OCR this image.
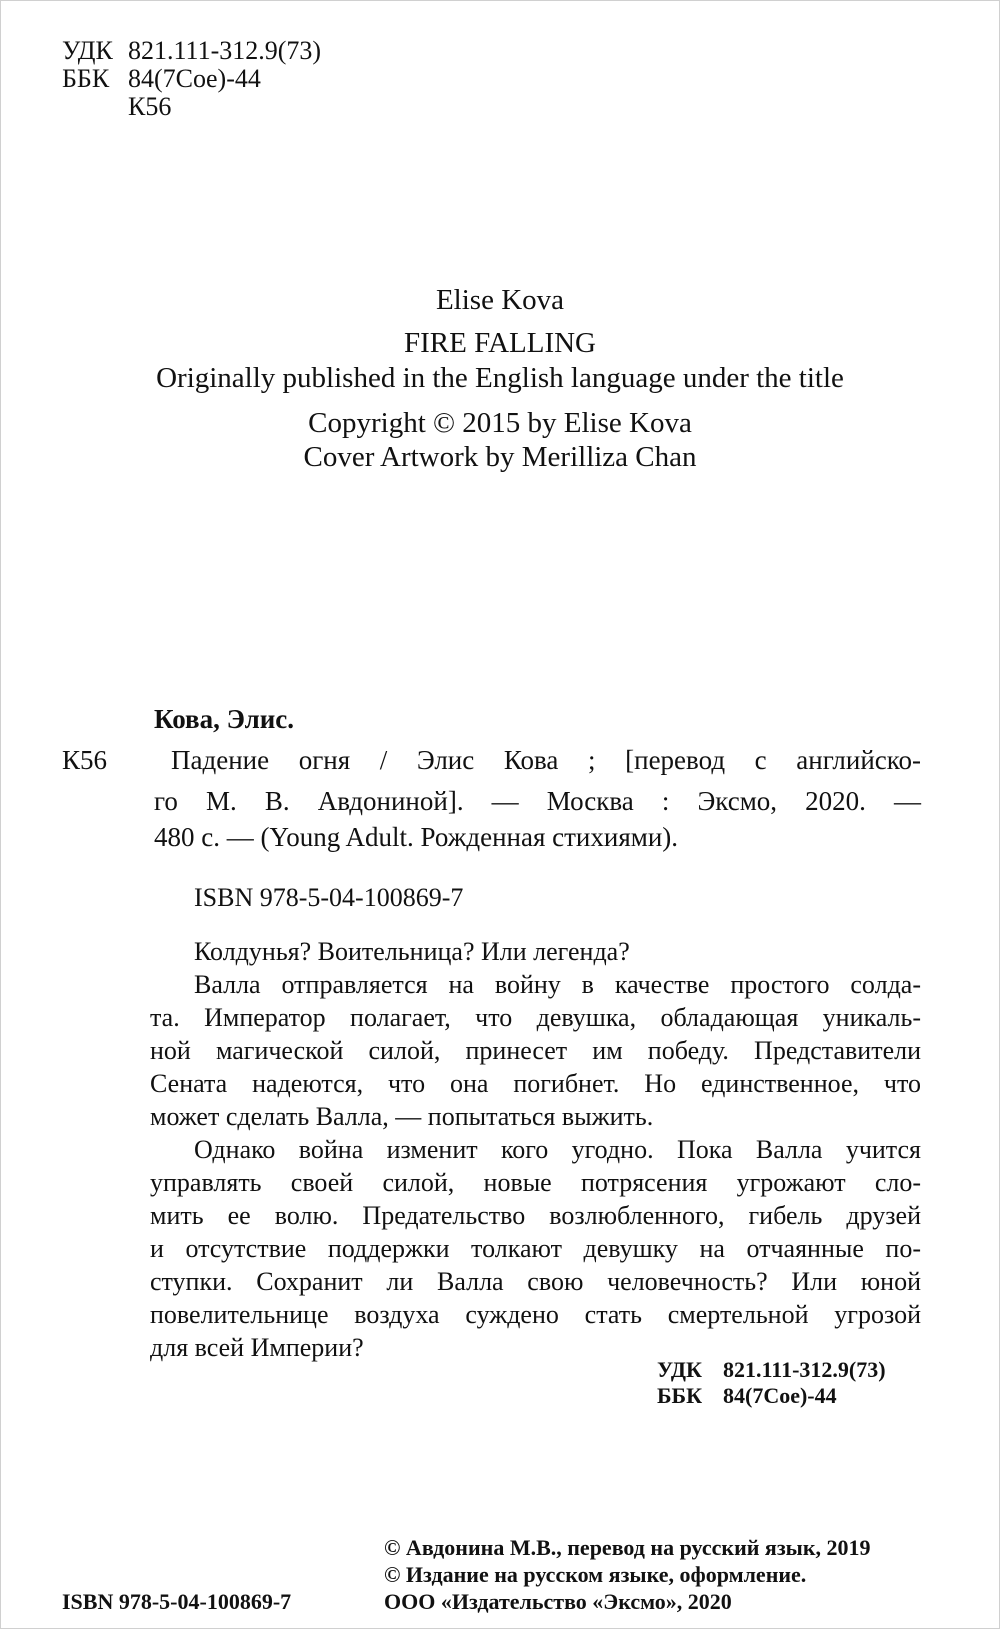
УДК 821.111-312.9(73)
ББК 84(7Coe)-44
К56
Elise Kova
FIRE FALLING
Originally published in the English language under the title
Copyright © 2015 by Elise Kova
Cover Artwork by Merilliza Chan
Кова, Элис.
К56 Падение огня / Элис Кова ; [перевод с английско-
го М. В. Авдониной]. — Москва : Эксмо, 2020. —
480 с. — (Young Adult. Рожденная стихиями).
ISBN 978-5-04-100869-7
Колдунья? Воительница? Или легенда?
Валла отправляется на войну в качестве простого солда-
та. Император полагает, что девушка, обладающая уникаль-
ной магической силой, принесет им победу. Представители
Сената надеются, что она погибнет. Но единственное, что
может сделать Валла, — попытаться выжить.
Однако война изменит кого угодно. Пока Валла учится
управлять своей силой, новые потрясения угрожают сло-
мить ее волю. Предательство возлюбленного, гибель друзей
и отсутствие поддержки толкают девушку на отчаянные по-
ступки. Сохранит ли Валла свою человечность? Или юной
повелительнице воздуха суждено стать смертельной угрозой
для всей Империи?
УДК 821.111-312.9(73)
ББК 84(7Coe)-44
© Авдонина М.В., перевод на русский язык, 2019
© Издание на русском языке, оформление.
ISBN 978-5-04-100869-7	ООО «Издательство «Эксмо», 2020
